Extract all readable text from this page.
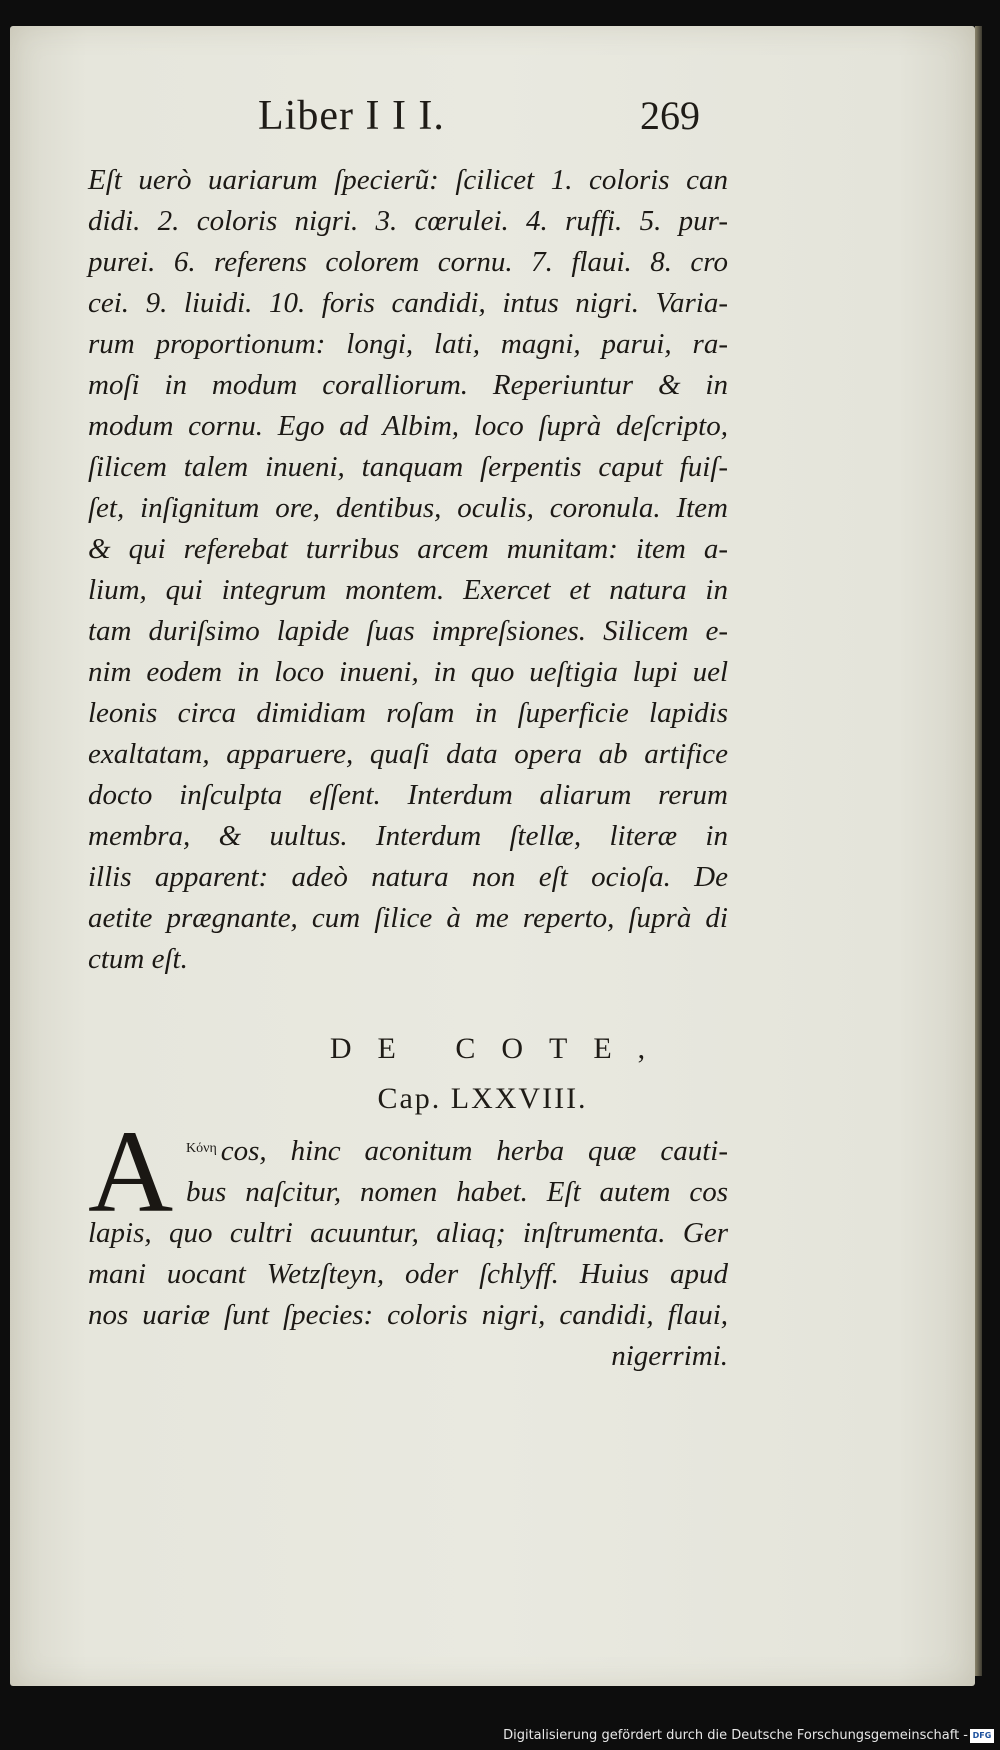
Liber I I I.	269
Eſt uerò uariarum ſpecierũ: ſcilicet 1. coloris can
didi. 2. coloris nigri. 3. cœrulei. 4. ruffi. 5. pur-
purei. 6. referens colorem cornu. 7. flaui. 8. cro
cei. 9. liuidi. 10. foris candidi, intus nigri. Varia-
rum proportionum: longi, lati, magni, parui, ra-
moſi in modum coralliorum. Reperiuntur & in
modum cornu. Ego ad Albim, loco ſuprà deſcripto,
ſilicem talem inueni, tanquam ſerpentis caput fuiſ-
ſet, inſignitum ore, dentibus, oculis, coronula. Item
& qui referebat turribus arcem munitam: item a-
lium, qui integrum montem. Exercet et natura in
tam duriſsimo lapide ſuas impreſsiones. Silicem e-
nim eodem in loco inueni, in quo ueſtigia lupi uel
leonis circa dimidiam roſam in ſuperficie lapidis
exaltatam, apparuere, quaſi data opera ab artifice
docto inſculpta eſſent. Interdum aliarum rerum
membra, & uultus. Interdum ſtellæ, literæ in
illis apparent: adeò natura non eſt ocioſa. De
aetite prægnante, cum ſilice à me reperto, ſuprà di
ctum eſt.
DE COTE,
Cap. LXXVIII.
A $^{Kό\nu\eta}$ cos, hinc aconitum herba quæ cauti-
bus naſcitur, nomen habet. Eſt autem cos
lapis, quo cultri acuuntur, aliaq; inſtrumenta. Ger
mani uocant Wetzſteyn, oder ſchlyff. Huius apud
nos uariæ ſunt ſpecies: coloris nigri, candidi, flaui,
nigerrimi.
Digitalisierung gefördert durch die Deutsche Forschungsgemeinschaft - DFG
